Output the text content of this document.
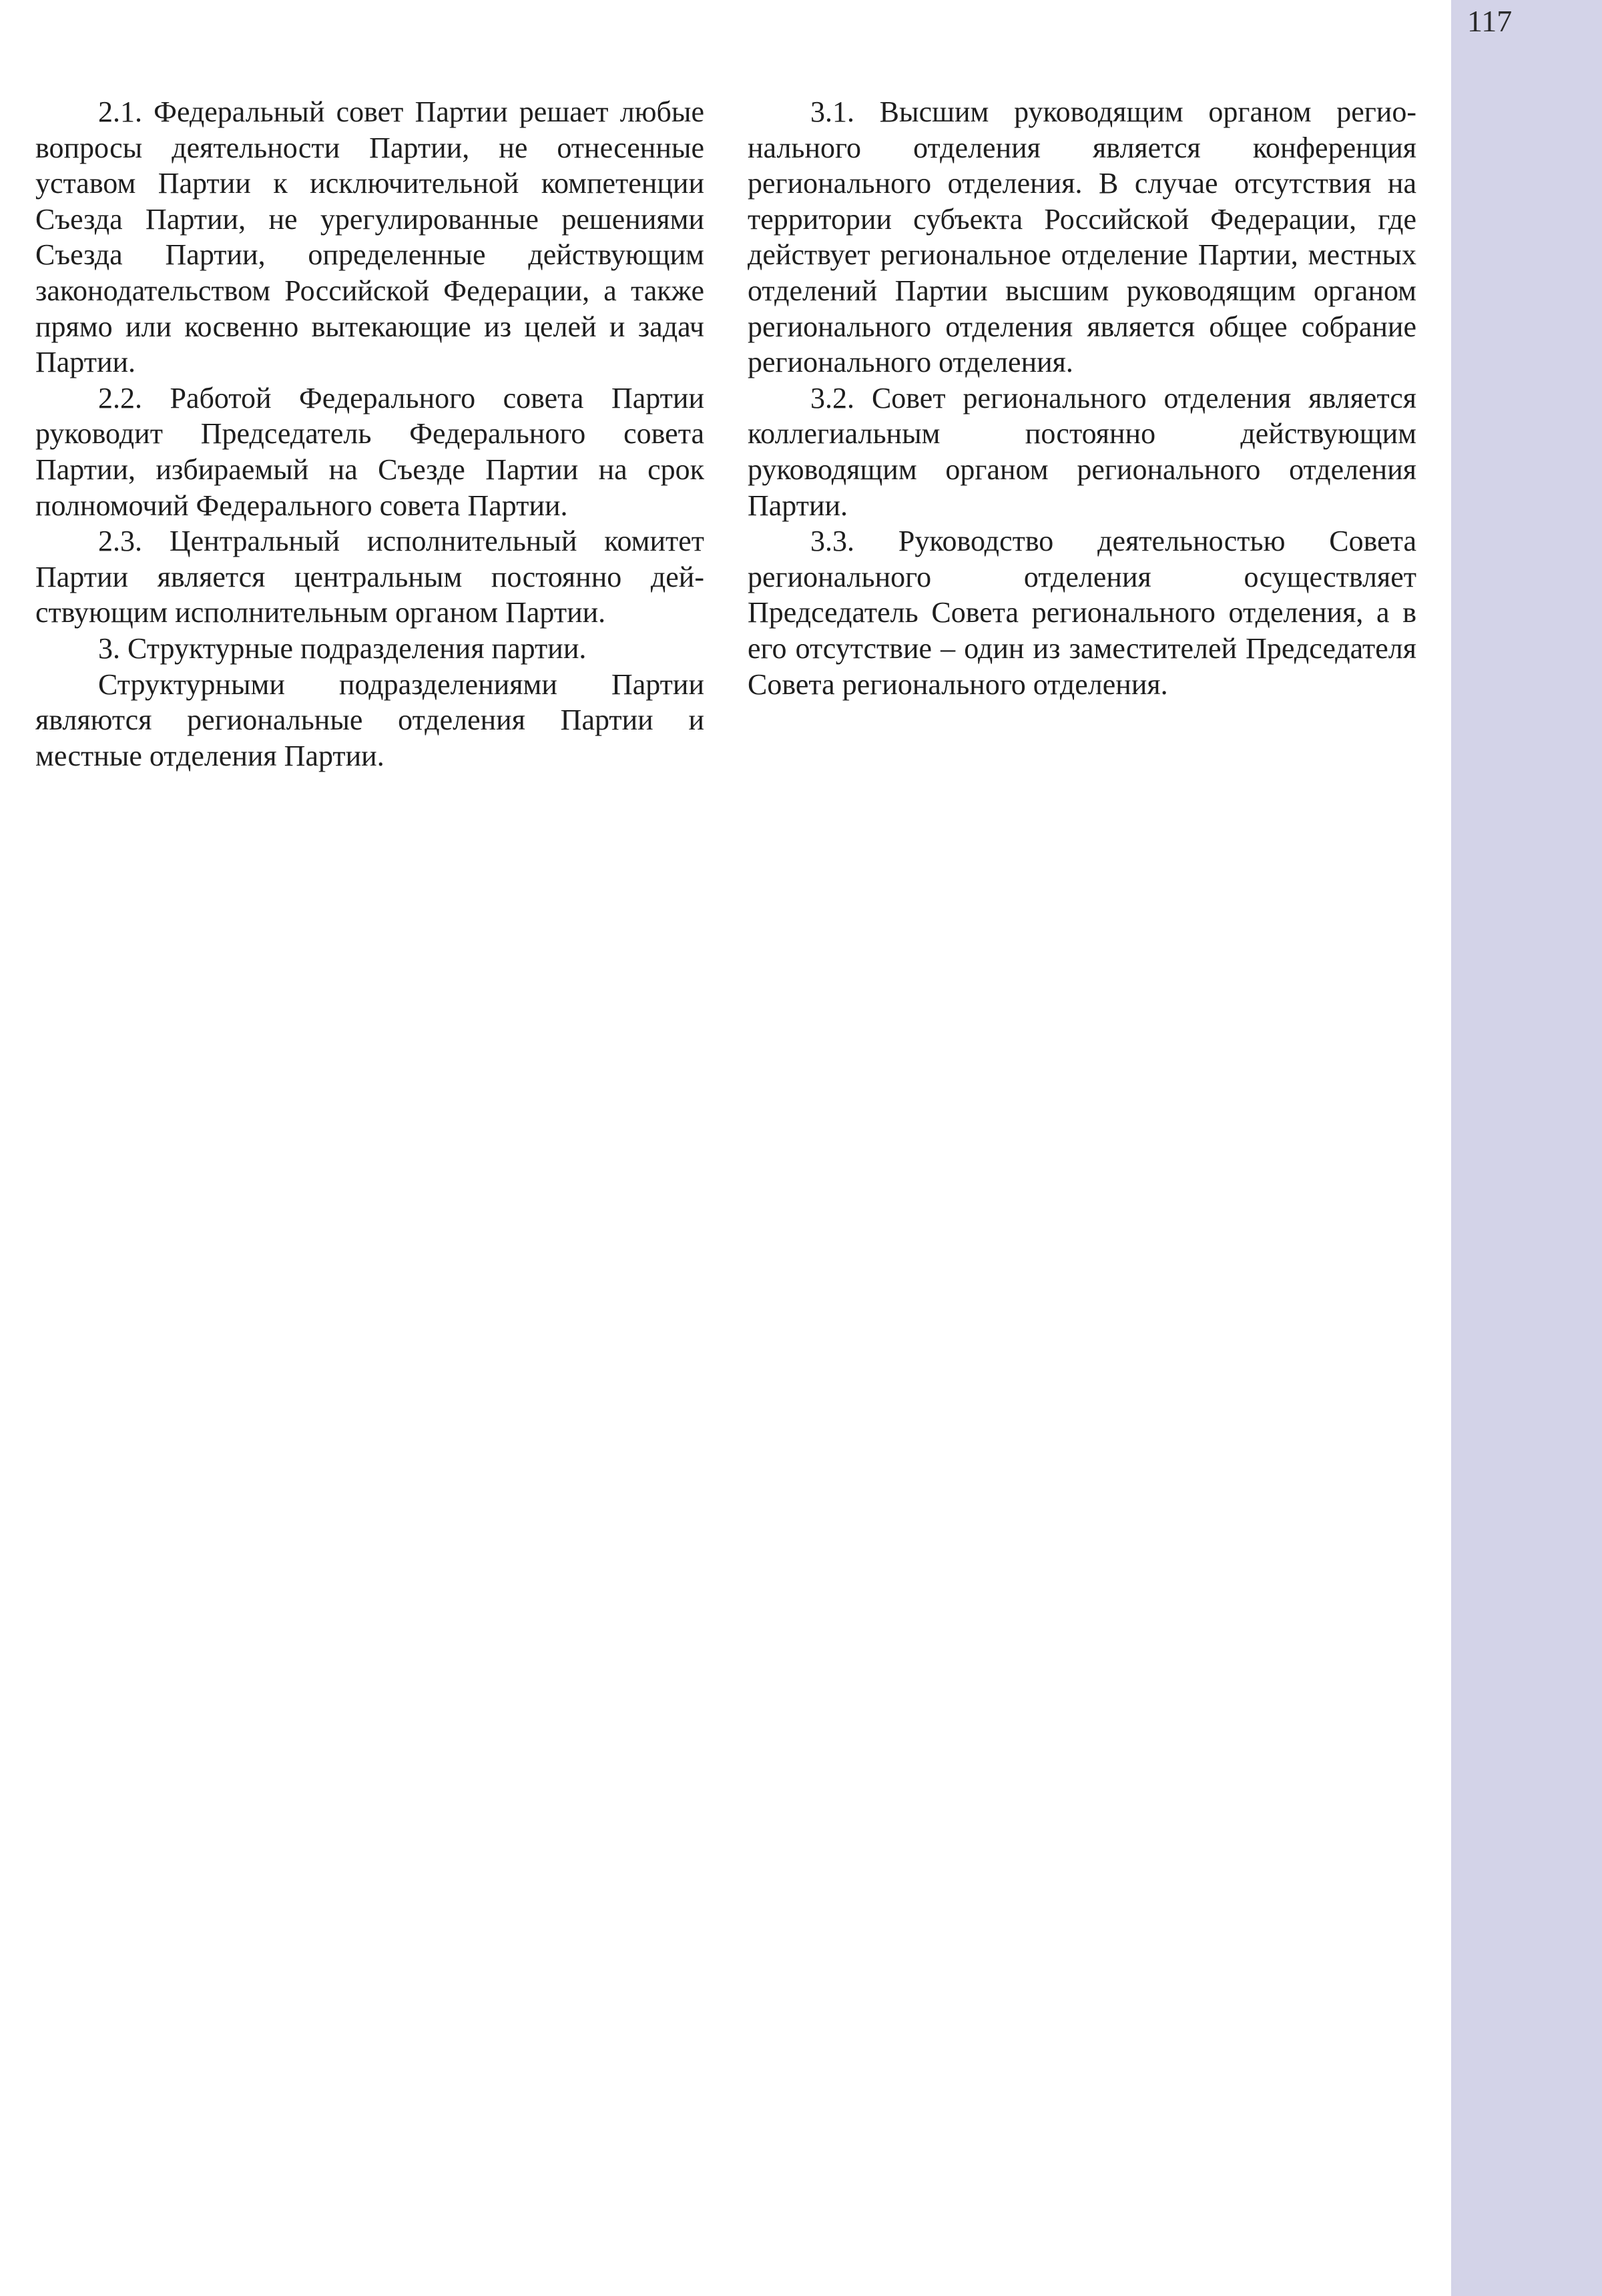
117

2.1. Федеральный совет Партии решает любые вопросы деятельности Партии, не отнесенные уставом Партии к исключительной компетенции Съезда Партии, не урегулированные решениями Съезда Партии, определенные действующим законодательством Российской Федерации, а также прямо или косвенно вытекающие из целей и задач Партии.

2.2. Работой Федерального совета Партии руководит Председатель Федерального совета Партии, избираемый на Съезде Партии на срок полномочий Федерального совета Партии.

2.3. Центральный исполнительный комитет Партии является центральным постоянно действующим исполнительным органом Партии.

3. Структурные подразделения партии.

Структурными подразделениями Партии являются региональные отделения Партии и местные отделения Партии.

3.1. Высшим руководящим органом регионального отделения является конференция регионального отделения. В случае отсутствия на территории субъекта Российской Федерации, где действует региональное отделение Партии, местных отделений Партии высшим руководящим органом регионального отделения является общее собрание регионального отделения.

3.2. Совет регионального отделения является коллегиальным постоянно действующим руководящим органом регионального отделения Партии.

3.3. Руководство деятельностью Совета регионального отделения осуществляет Председатель Совета регионального отделения, а в его отсутствие – один из заместителей Председателя Совета регионального отделения.
